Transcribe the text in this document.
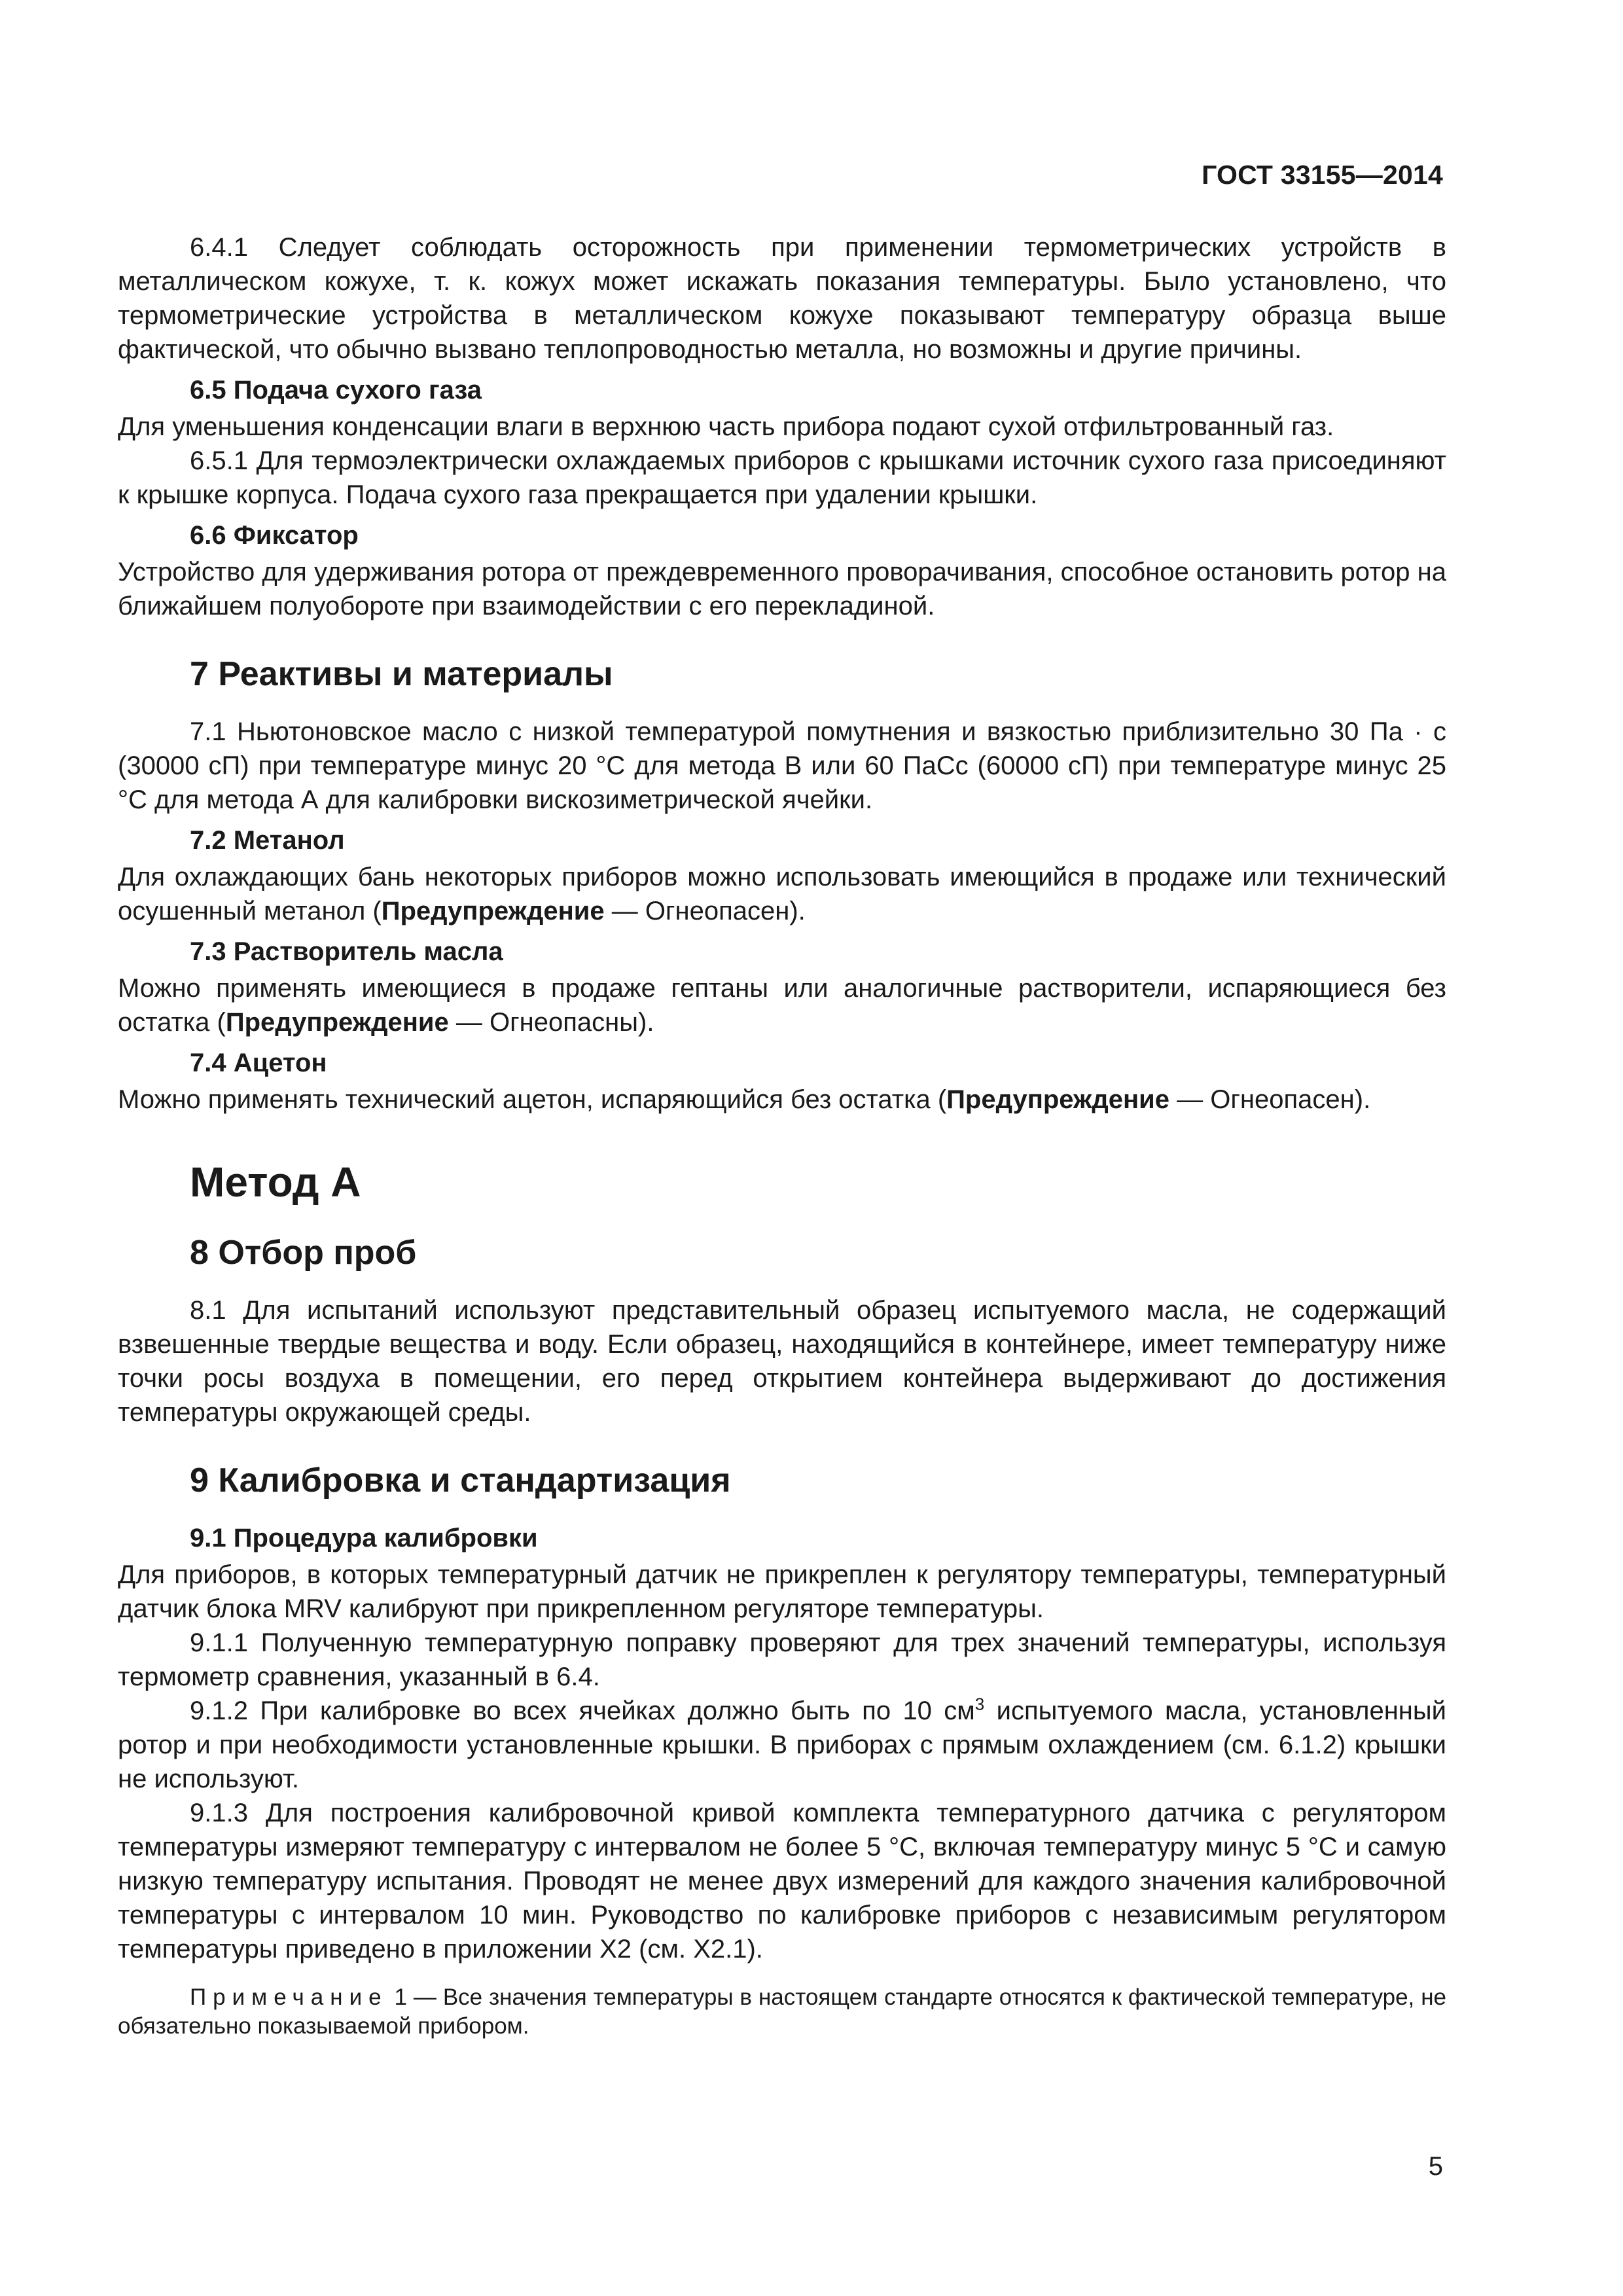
ГОСТ 33155—2014

6.4.1 Следует соблюдать осторожность при применении термометрических устройств в металлическом кожухе, т. к. кожух может искажать показания температуры. Было установлено, что термометрические устройства в металлическом кожухе показывают температуру образца выше фактической, что обычно вызвано теплопроводностью металла, но возможны и другие причины.

6.5 Подача сухого газа

Для уменьшения конденсации влаги в верхнюю часть прибора подают сухой отфильтрованный газ.

6.5.1 Для термоэлектрически охлаждаемых приборов с крышками источник сухого газа присоединяют к крышке корпуса. Подача сухого газа прекращается при удалении крышки.

6.6 Фиксатор

Устройство для удерживания ротора от преждевременного проворачивания, способное остановить ротор на ближайшем полуобороте при взаимодействии с его перекладиной.

7 Реактивы и материалы

7.1 Ньютоновское масло с низкой температурой помутнения и вязкостью приблизительно 30 Па · с (30000 сП) при температуре минус 20 °С для метода В или 60 ПаСс (60000 сП) при температуре минус 25 °С для метода А для калибровки вискозиметрической ячейки.

7.2 Метанол

Для охлаждающих бань некоторых приборов можно использовать имеющийся в продаже или технический осушенный метанол (Предупреждение — Огнеопасен).

7.3 Растворитель масла

Можно применять имеющиеся в продаже гептаны или аналогичные растворители, испаряющиеся без остатка (Предупреждение — Огнеопасны).

7.4 Ацетон

Можно применять технический ацетон, испаряющийся без остатка (Предупреждение — Огнеопасен).

Метод А
8 Отбор проб

8.1 Для испытаний используют представительный образец испытуемого масла, не содержащий взвешенные твердые вещества и воду. Если образец, находящийся в контейнере, имеет температуру ниже точки росы воздуха в помещении, его перед открытием контейнера выдерживают до достижения температуры окружающей среды.

9 Калибровка и стандартизация
9.1 Процедура калибровки

Для приборов, в которых температурный датчик не прикреплен к регулятору температуры, температурный датчик блока MRV калибруют при прикрепленном регуляторе температуры.

9.1.1 Полученную температурную поправку проверяют для трех значений температуры, используя термометр сравнения, указанный в 6.4.

9.1.2 При калибровке во всех ячейках должно быть по 10 $см^3$ испытуемого масла, установленный ротор и при необходимости установленные крышки. В приборах с прямым охлаждением (см. 6.1.2) крышки не используют.

9.1.3 Для построения калибровочной кривой комплекта температурного датчика с регулятором температуры измеряют температуру с интервалом не более 5 °С, включая температуру минус 5 °С и самую низкую температуру испытания. Проводят не менее двух измерений для каждого значения калибровочной температуры с интервалом 10 мин. Руководство по калибровке приборов с независимым регулятором температуры приведено в приложении Х2 (см. Х2.1).

Примечание 1 — Все значения температуры в настоящем стандарте относятся к фактической температуре, не обязательно показываемой прибором.
5
